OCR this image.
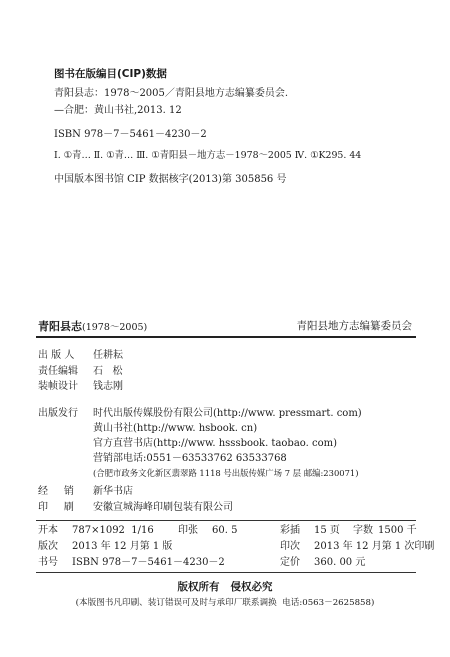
图书在版编目(CIP)数据
青阳县志：1978～2005／青阳县地方志编纂委员会.
—合肥：黄山书社,2013. 12
ISBN 978－7－5461－4230－2
Ⅰ. ①青… Ⅱ. ①青… Ⅲ. ①青阳县－地方志－1978～2005 Ⅳ. ①K295. 44
中国版本图书馆 CIP 数据核字(2013)第 305856 号
青阳县志(1978～2005)	青阳县地方志编纂委员会
出 版 人 任耕耘
责任编辑 石   松
装帧设计 钱志刚
出版发行 时代出版传媒股份有限公司(http://www. pressmart. com)
黄山书社(http://www. hsbook. cn)
官方直营书店(http://www. hsssbook. taobao. com)
营销部电话:0551－63533762 63533768
(合肥市政务文化新区翡翠路 1118 号出版传媒广场 7 层 邮编:230071)
经     销 新华书店
印     刷 安徽宣城海峰印刷包装有限公司
开本 787×1092  1/16 印张 60. 5	彩插 15 页 字数 1500 千
版次 2013 年 12 月第 1 版	印次 2013 年 12 月第 1 次印刷
书号 ISBN 978－7－5461－4230－2	定价 360. 00 元
版权所有   侵权必究
(本版图书凡印刷、装订错误可及时与承印厂联系调换  电话:0563－2625858)
